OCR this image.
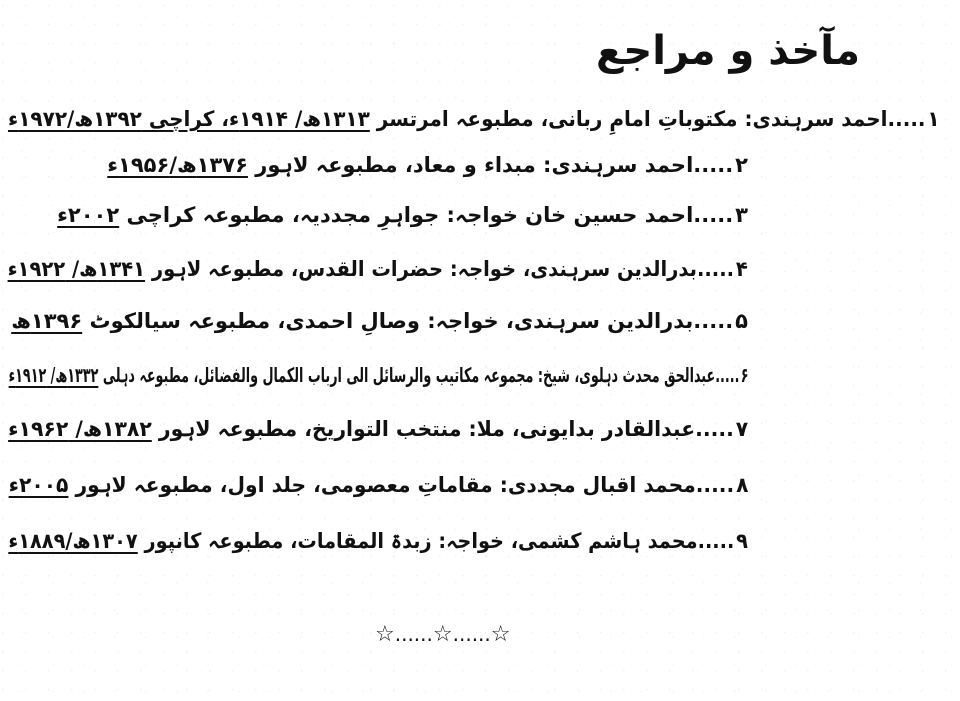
مآخذ و مراجع
۱.....احمد سرہندی: مکتوباتِ امامِ ربانی، مطبوعہ امرتسر ۱۳۱۳ھ/ ۱۹۱۴ء، کراچی ۱۳۹۲ھ/۱۹۷۲ء
۲.....احمد سرہندی: مبداء و معاد، مطبوعہ لاہور ۱۳۷۶ھ/۱۹۵۶ء
۳.....احمد حسین خان خواجہ: جواہرِ مجددیہ، مطبوعہ کراچی ۲۰۰۲ء
۴.....بدرالدین سرہندی، خواجہ: حضرات القدس، مطبوعہ لاہور ۱۳۴۱ھ/ ۱۹۲۲ء
۵.....بدرالدین سرہندی، خواجہ: وصالِ احمدی، مطبوعہ سیالکوٹ ۱۳۹۶ھ
۶.....عبدالحق محدث دہلوی، شیخ: مجموعہ مکاتیب والرسائل الی ارباب الکمال والفضائل، مطبوعہ دہلی ۱۳۳۲ھ/ ۱۹۱۲ء
۷.....عبدالقادر بدایونی، ملا: منتخب التواریخ، مطبوعہ لاہور ۱۳۸۲ھ/ ۱۹۶۲ء
۸.....محمد اقبال مجددی: مقاماتِ معصومی، جلد اول، مطبوعہ لاہور ۲۰۰۵ء
۹.....محمد ہاشم کشمی، خواجہ: زبدۃ المقامات، مطبوعہ کانپور ۱۳۰۷ھ/۱۸۸۹ء
☆......☆......☆
